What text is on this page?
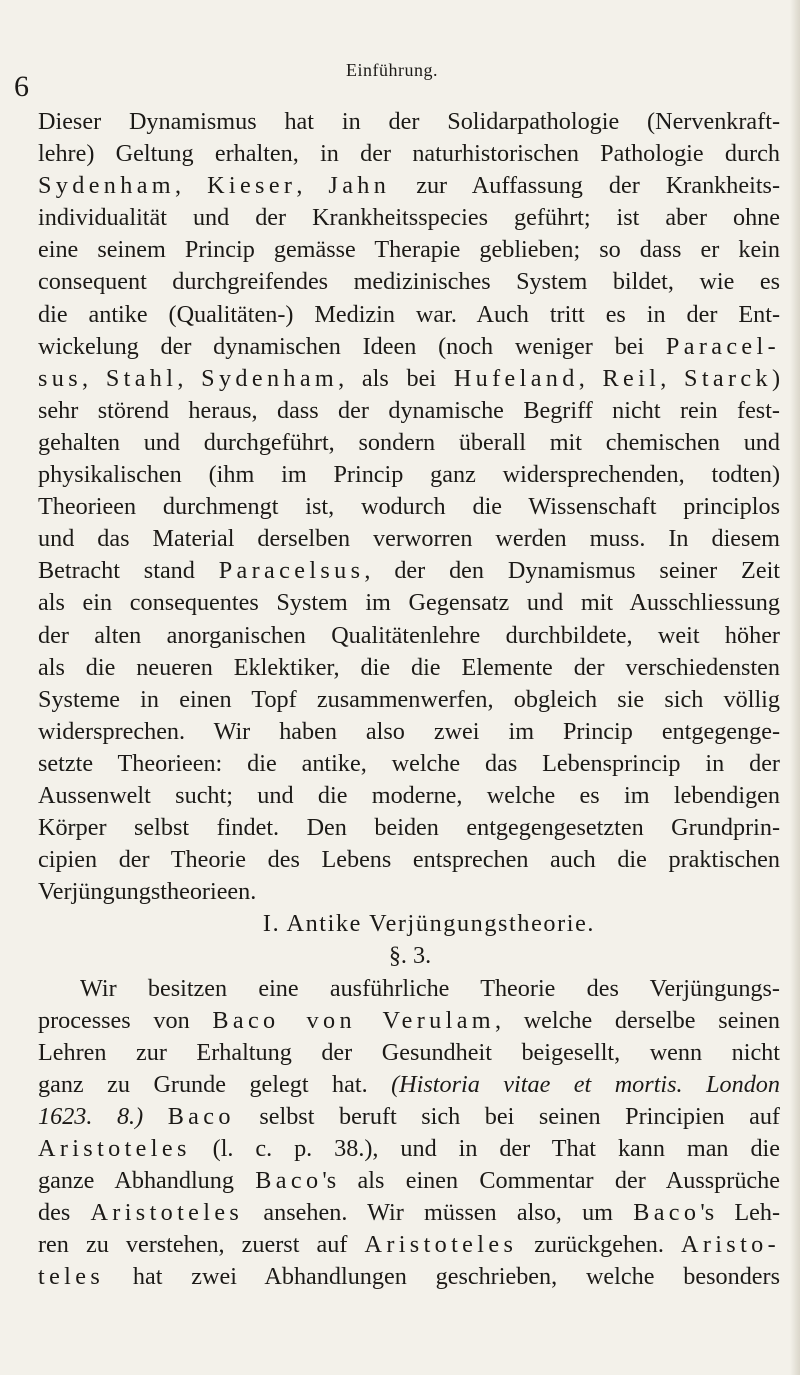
6	Einführung.
Dieser Dynamismus hat in der Solidarpathologie (Nervenkraft-
lehre) Geltung erhalten, in der naturhistorischen Pathologie durch
Sydenham, Kieser, Jahn zur Auffassung der Krankheits-
individualität und der Krankheitsspecies geführt; ist aber ohne
eine seinem Princip gemässe Therapie geblieben; so dass er kein
consequent durchgreifendes medizinisches System bildet, wie es
die antike (Qualitäten-) Medizin war. Auch tritt es in der Ent-
wickelung der dynamischen Ideen (noch weniger bei Paracel-
sus, Stahl, Sydenham, als bei Hufeland, Reil, Starck)
sehr störend heraus, dass der dynamische Begriff nicht rein fest-
gehalten und durchgeführt, sondern überall mit chemischen und
physikalischen (ihm im Princip ganz widersprechenden, todten)
Theorieen durchmengt ist, wodurch die Wissenschaft principlos
und das Material derselben verworren werden muss. In diesem
Betracht stand Paracelsus, der den Dynamismus seiner Zeit
als ein consequentes System im Gegensatz und mit Ausschliessung
der alten anorganischen Qualitätenlehre durchbildete, weit höher
als die neueren Eklektiker, die die Elemente der verschiedensten
Systeme in einen Topf zusammenwerfen, obgleich sie sich völlig
widersprechen. Wir haben also zwei im Princip entgegenge-
setzte Theorieen: die antike, welche das Lebensprincip in der
Aussenwelt sucht; und die moderne, welche es im lebendigen
Körper selbst findet. Den beiden entgegengesetzten Grundprin-
cipien der Theorie des Lebens entsprechen auch die praktischen
Verjüngungstheorieen.
I. Antike Verjüngungstheorie.
§. 3.
Wir besitzen eine ausführliche Theorie des Verjüngungs-
processes von Baco von Verulam, welche derselbe seinen
Lehren zur Erhaltung der Gesundheit beigesellt, wenn nicht
ganz zu Grunde gelegt hat. (Historia vitae et mortis. London
1623. 8.) Baco selbst beruft sich bei seinen Principien auf
Aristoteles (l. c. p. 38.), und in der That kann man die
ganze Abhandlung Baco's als einen Commentar der Aussprüche
des Aristoteles ansehen. Wir müssen also, um Baco's Leh-
ren zu verstehen, zuerst auf Aristoteles zurückgehen. Aristo-
teles hat zwei Abhandlungen geschrieben, welche besonders
